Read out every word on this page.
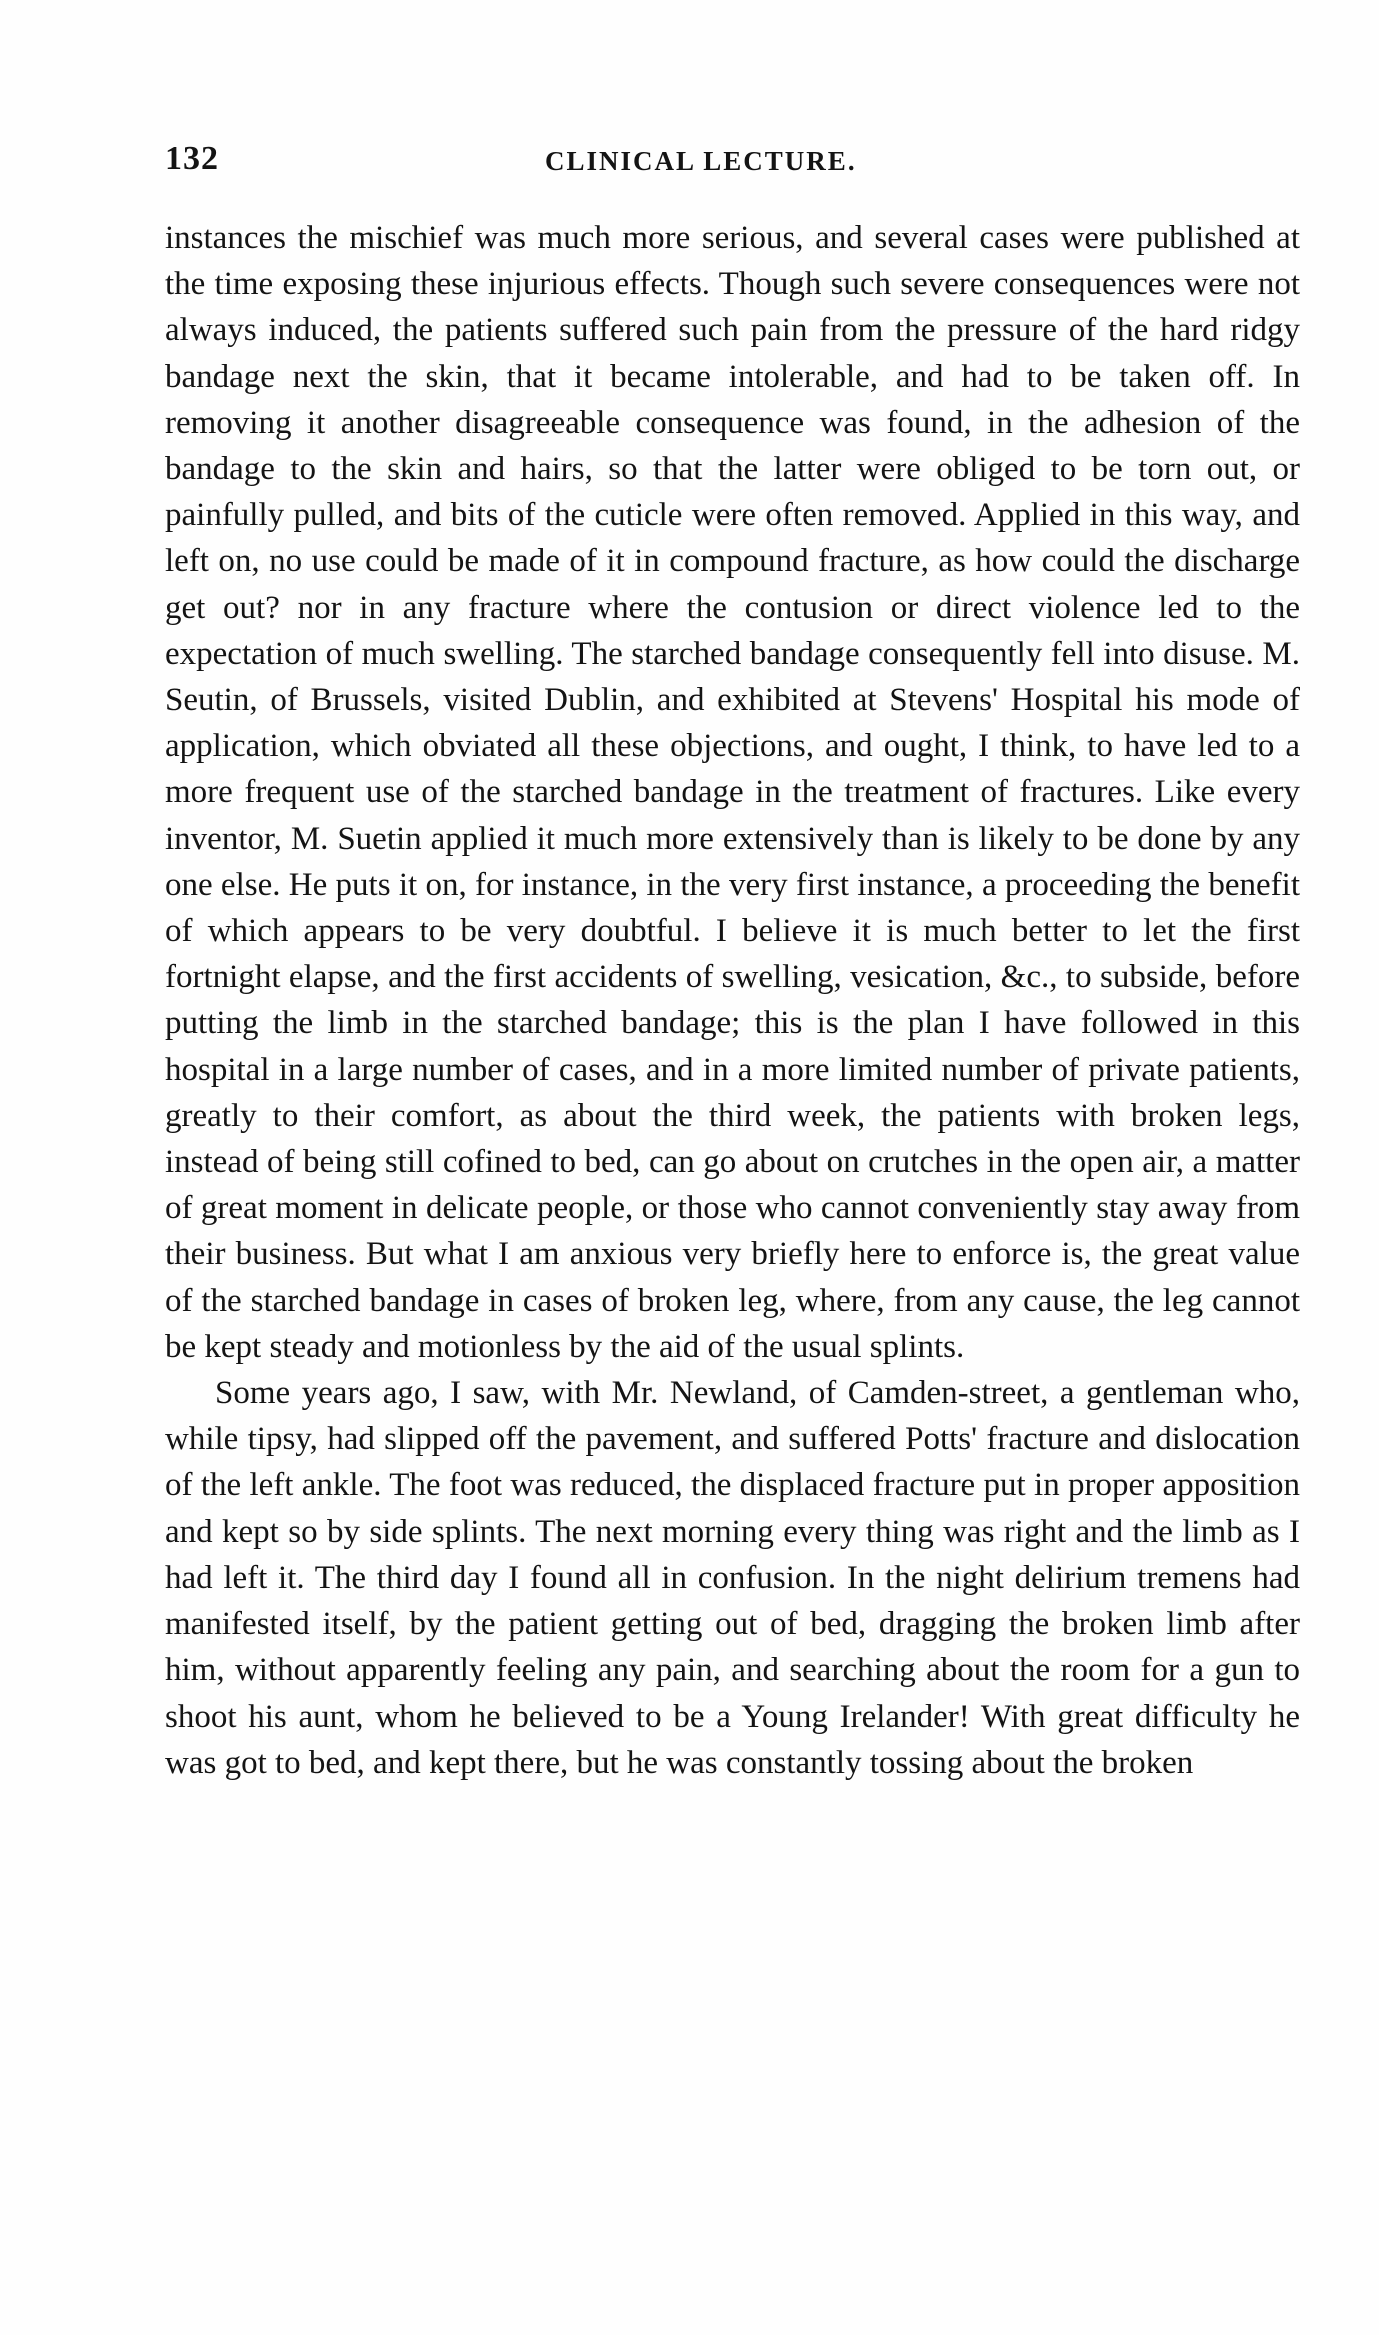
132	CLINICAL LECTURE.

instances the mischief was much more serious, and several cases were published at the time exposing these injurious effects. Though such severe consequences were not always induced, the patients suffered such pain from the pressure of the hard ridgy bandage next the skin, that it became intolerable, and had to be taken off. In removing it another disagreeable consequence was found, in the adhesion of the bandage to the skin and hairs, so that the latter were obliged to be torn out, or painfully pulled, and bits of the cuticle were often removed. Applied in this way, and left on, no use could be made of it in compound fracture, as how could the discharge get out? nor in any fracture where the contusion or direct violence led to the expectation of much swelling. The starched bandage consequently fell into disuse. M. Seutin, of Brussels, visited Dublin, and exhibited at Stevens' Hospital his mode of application, which obviated all these objections, and ought, I think, to have led to a more frequent use of the starched bandage in the treatment of fractures. Like every inventor, M. Suetin applied it much more extensively than is likely to be done by any one else. He puts it on, for instance, in the very first instance, a proceeding the benefit of which appears to be very doubtful. I believe it is much better to let the first fortnight elapse, and the first accidents of swelling, vesication, &c., to subside, before putting the limb in the starched bandage; this is the plan I have followed in this hospital in a large number of cases, and in a more limited number of private patients, greatly to their comfort, as about the third week, the patients with broken legs, instead of being still cofined to bed, can go about on crutches in the open air, a matter of great moment in delicate people, or those who cannot conveniently stay away from their business. But what I am anxious very briefly here to enforce is, the great value of the starched bandage in cases of broken leg, where, from any cause, the leg cannot be kept steady and motionless by the aid of the usual splints.

Some years ago, I saw, with Mr. Newland, of Camden-street, a gentleman who, while tipsy, had slipped off the pavement, and suffered Potts' fracture and dislocation of the left ankle. The foot was reduced, the displaced fracture put in proper apposition and kept so by side splints. The next morning every thing was right and the limb as I had left it. The third day I found all in confusion. In the night delirium tremens had manifested itself, by the patient getting out of bed, dragging the broken limb after him, without apparently feeling any pain, and searching about the room for a gun to shoot his aunt, whom he believed to be a Young Irelander! With great difficulty he was got to bed, and kept there, but he was constantly tossing about the broken
